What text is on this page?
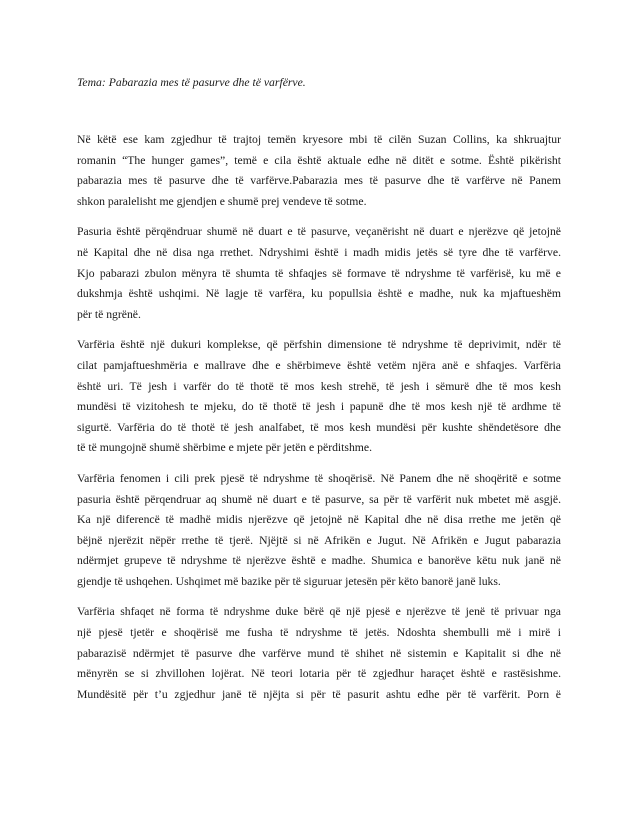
Tema: Pabarazia mes të pasurve dhe të varfërve.
Në këtë ese kam zgjedhur të trajtoj temën kryesore mbi të cilën Suzan Collins, ka shkruajtur
romanin “The hunger games”, temë e cila është aktuale edhe në ditët e sotme. Është pikërisht
pabarazia mes të pasurve dhe të varfërve.Pabarazia mes të pasurve dhe të varfërve në Panem
shkon paralelisht me gjendjen e shumë prej vendeve të sotme.
Pasuria është përqëndruar shumë në duart e të pasurve, veçanërisht në duart e njerëzve që jetojnë
në Kapital dhe në disa nga rrethet. Ndryshimi është i madh midis jetës së tyre dhe të varfërve.
Kjo pabarazi zbulon mënyra të shumta të shfaqjes së formave të ndryshme të varfërisë, ku më e
dukshmja është ushqimi. Në lagje të varfëra, ku popullsia është e madhe, nuk ka mjaftueshëm
për të ngrënë.
Varfëria është një dukuri komplekse, që përfshin dimensione të ndryshme të deprivimit, ndër të
cilat pamjaftueshmëria e mallrave dhe e shërbimeve është vetëm njëra anë e shfaqjes. Varfëria
është uri. Të jesh i varfër do të thotë të mos kesh strehë, të jesh i sëmurë dhe të mos kesh
mundësi të vizitohesh te mjeku, do të thotë të jesh i papunë dhe të mos kesh një të ardhme të
sigurtë. Varfëria do të thotë të jesh analfabet, të mos kesh mundësi për kushte shëndetësore dhe
të të mungojnë shumë shërbime e mjete për jetën e përditshme.
Varfëria fenomen i cili prek pjesë të ndryshme të shoqërisë. Në Panem dhe në shoqëritë e sotme
pasuria është përqendruar aq shumë në duart e të pasurve, sa për të varfërit nuk mbetet më asgjë.
Ka një diferencë të madhë midis njerëzve që jetojnë në Kapital dhe në disa rrethe me jetën që
bëjnë njerëzit nëpër rrethe të tjerë. Njëjtë si në Afrikën e Jugut. Në Afrikën e Jugut pabarazia
ndërmjet grupeve të ndryshme të njerëzve është e madhe. Shumica e banorëve këtu nuk janë në
gjendje të ushqehen. Ushqimet më bazike për të siguruar jetesën për këto banorë janë luks.
Varfëria shfaqet në forma të ndryshme duke bërë që një pjesë e njerëzve të jenë të privuar nga
një pjesë tjetër e shoqërisë me fusha të ndryshme të jetës. Ndoshta shembulli më i mirë i
pabarazisë ndërmjet të pasurve dhe varfërve mund të shihet në sistemin e Kapitalit si dhe në
mënyrën se si zhvillohen lojërat. Në teori lotaria për të zgjedhur haraçet është e rastësishme.
Mundësitë për t’u zgjedhur janë të njëjta si për të pasurit ashtu edhe për të varfërit. Porn ë
